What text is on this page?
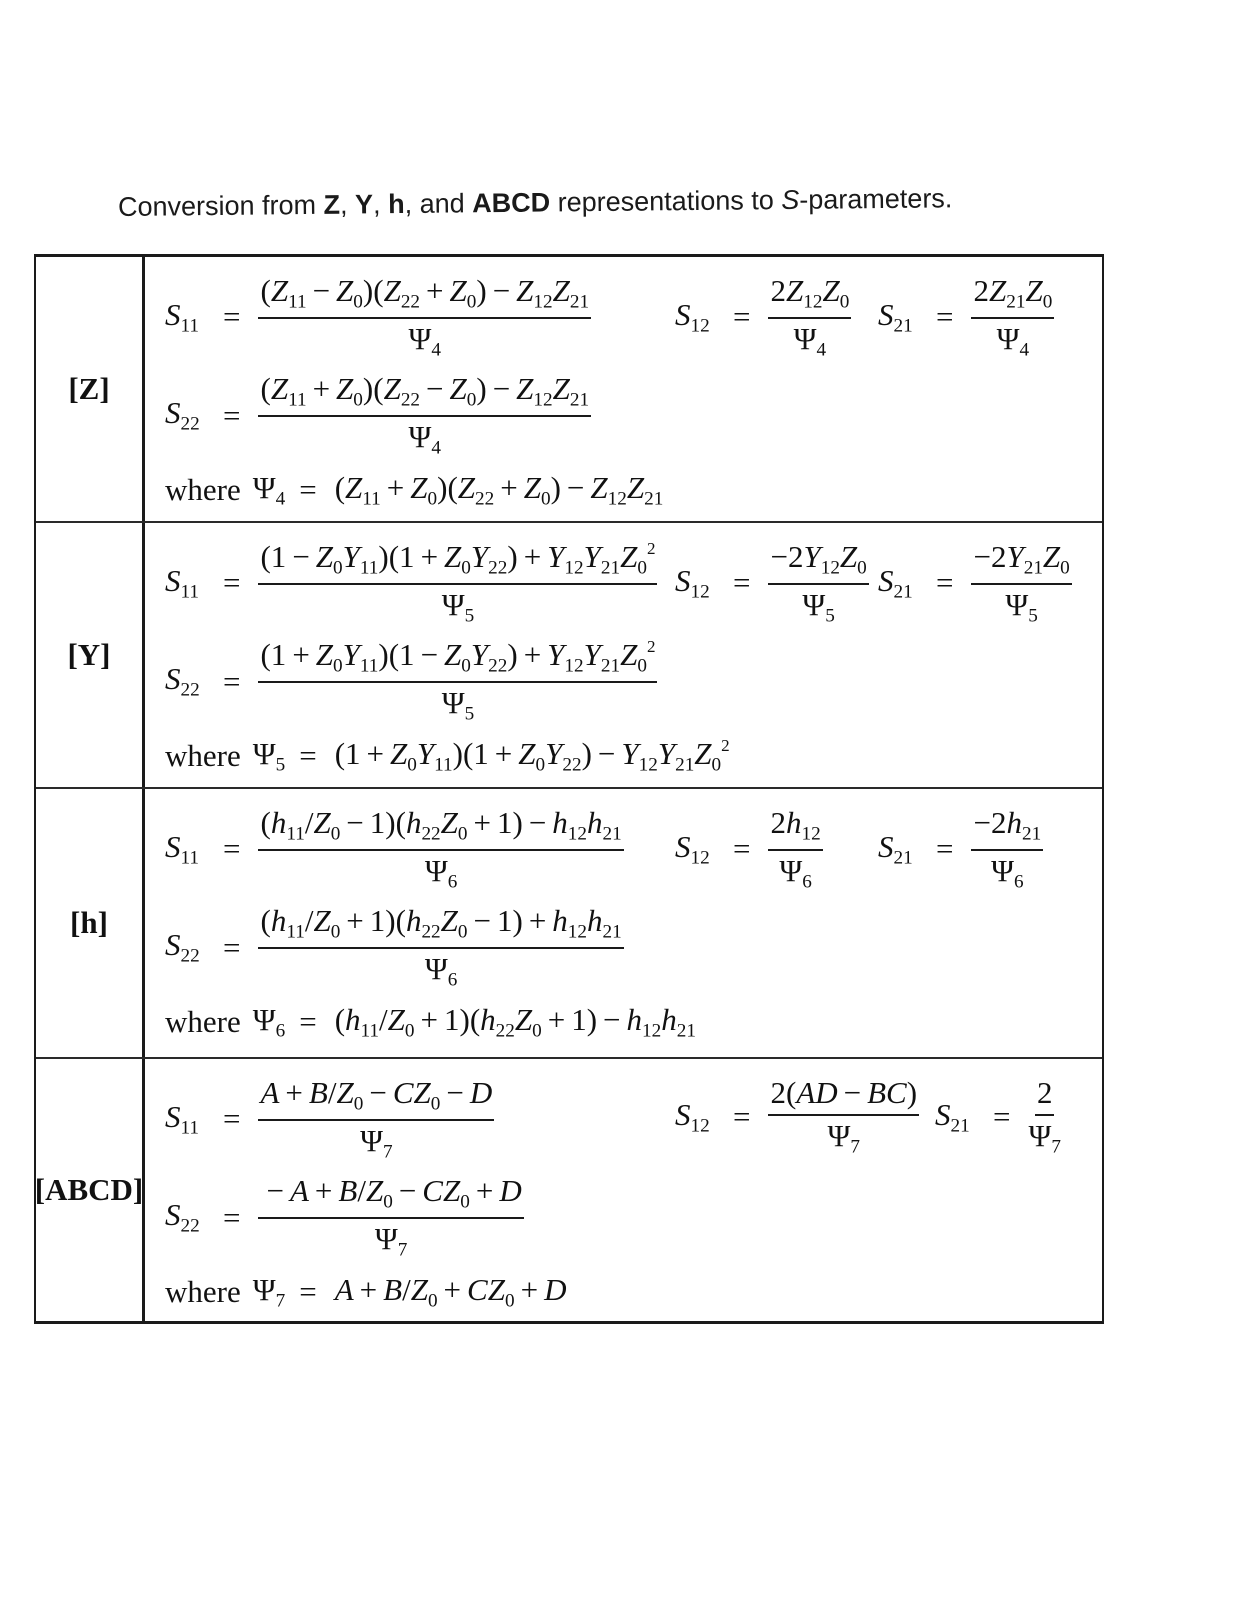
Conversion from Z, Y, h, and ABCD representations to S-parameters.
[Z]
$S_{11} = \frac{(Z_{11} - Z_0)(Z_{22} + Z_0) - Z_{12}Z_{21}}{\Psi_4}$	$S_{12} = \frac{2Z_{12}Z_0}{\Psi_4} S_{21} = \frac{2Z_{21}Z_0}{\Psi_4}$
$S_{22} = \frac{(Z_{11} + Z_0)(Z_{22} - Z_0) - Z_{12}Z_{21}}{\Psi_4}$
where $\Psi_4 = (Z_{11} + Z_0)(Z_{22} + Z_0) - Z_{12}Z_{21}$
[Y]
$S_{11} = \frac{(1 - Z_0Y_{11})(1 + Z_0Y_{22}) + Y_{12}Y_{21}Z_0^2}{\Psi_5} S_{12} = \frac{-2Y_{12}Z_0}{\Psi_5} S_{21} = \frac{-2Y_{21}Z_0}{\Psi_5}$
$S_{22} = \frac{(1 + Z_0Y_{11})(1 - Z_0Y_{22}) + Y_{12}Y_{21}Z_0^2}{\Psi_5}$
where $\Psi_5 = (1 + Z_0Y_{11})(1 + Z_0Y_{22}) - Y_{12}Y_{21}Z_0^2$
[h]
$S_{11} = \frac{(h_{11}/Z_0 - 1)(h_{22}Z_0 + 1) - h_{12}h_{21}}{\Psi_6} S_{12} = \frac{2h_{12}}{\Psi_6} S_{21} = \frac{-2h_{21}}{\Psi_6}$
$S_{22} = \frac{(h_{11}/Z_0 + 1)(h_{22}Z_0 - 1) + h_{12}h_{21}}{\Psi_6}$
where $\Psi_6 = (h_{11}/Z_0 + 1)(h_{22}Z_0 + 1) - h_{12}h_{21}$
[ABCD]
$S_{11} = \frac{A + B/Z_0 - CZ_0 - D}{\Psi_7}$	$S_{12} = \frac{2(AD - BC)}{\Psi_7} S_{21} = \frac{2}{\Psi_7}$
$S_{22} = \frac{- A + B/Z_0 - CZ_0 + D}{\Psi_7}$
where $\Psi_7 = A + B/Z_0 + CZ_0 + D$
